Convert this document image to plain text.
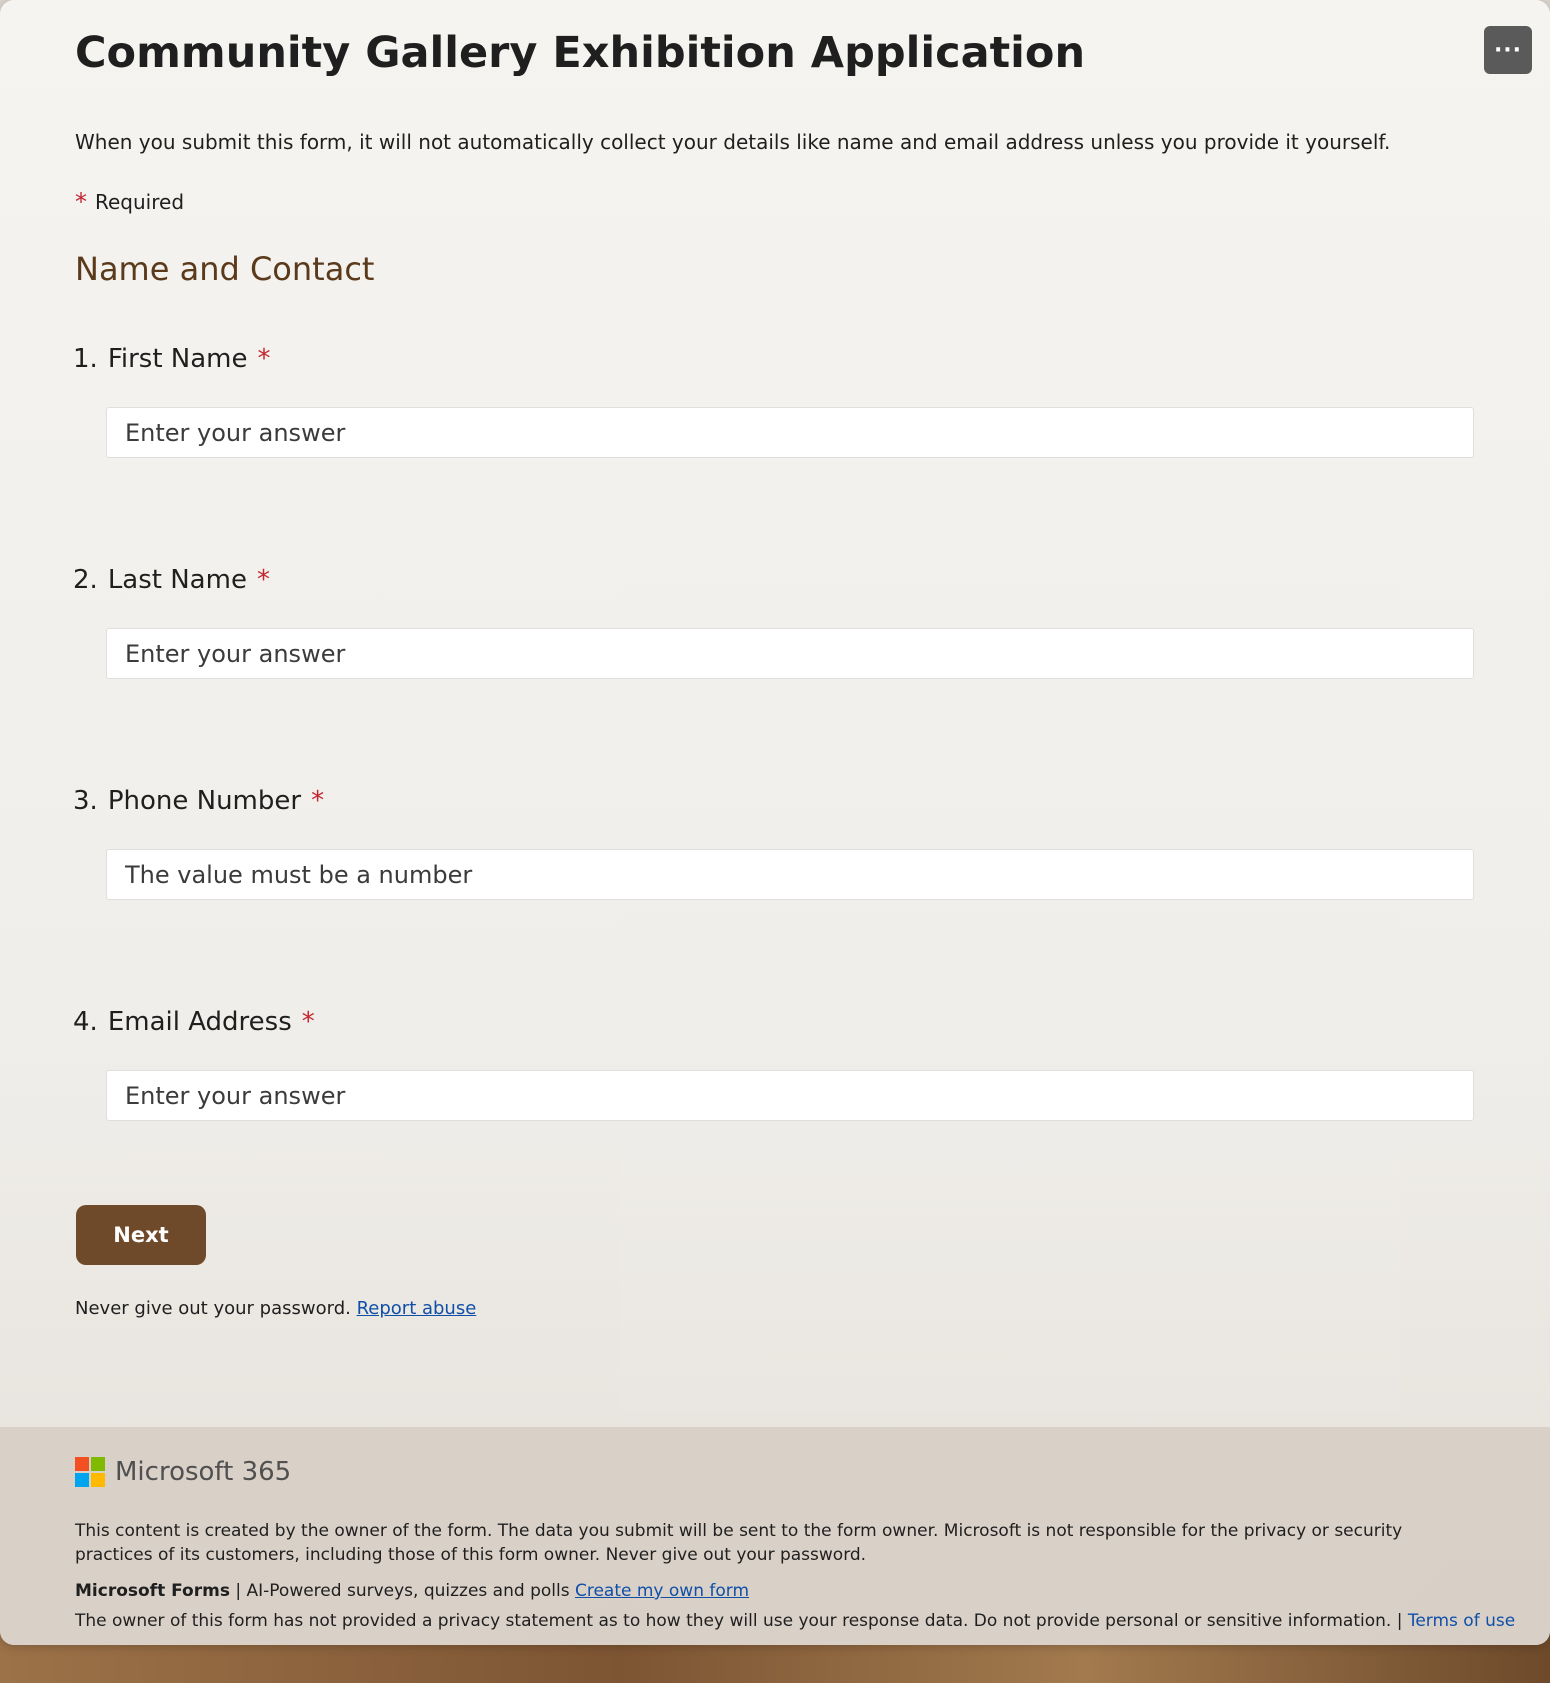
···
Community Gallery Exhibition Application
When you submit this form, it will not automatically collect your details like name and email address unless you provide it yourself.
* Required
Name and Contact
1. First Name *
Enter your answer
2. Last Name *
Enter your answer
3. Phone Number *
The value must be a number
4. Email Address *
Enter your answer
Next
Never give out your password. Report abuse
Microsoft 365
This content is created by the owner of the form. The data you submit will be sent to the form owner. Microsoft is not responsible for the privacy or security practices of its customers, including those of this form owner. Never give out your password.
Microsoft Forms | AI-Powered surveys, quizzes and polls Create my own form
The owner of this form has not provided a privacy statement as to how they will use your response data. Do not provide personal or sensitive information. | Terms of use
